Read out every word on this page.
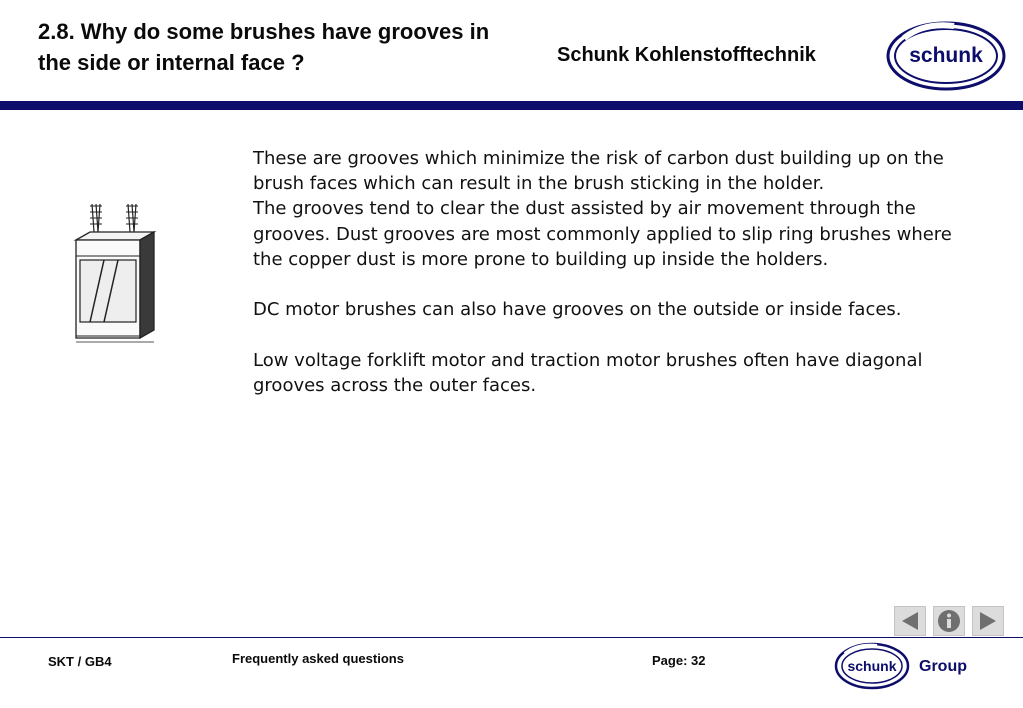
2.8. Why do some brushes have grooves in the side or internal face ?	Schunk Kohlenstofftechnik	schunk

These are grooves which minimize the risk of carbon dust building up on the brush faces which can result in the brush sticking in the holder.

The grooves tend to clear the dust assisted by air movement through the grooves. Dust grooves are most commonly applied to slip ring brushes where the copper dust is more prone to building up inside the holders.

DC motor brushes can also have grooves on the outside or inside faces.

Low voltage forklift motor and traction motor brushes often have diagonal grooves across the outer faces.

SKT / GB4	Frequently asked questions	Page: 32	schunk Group
